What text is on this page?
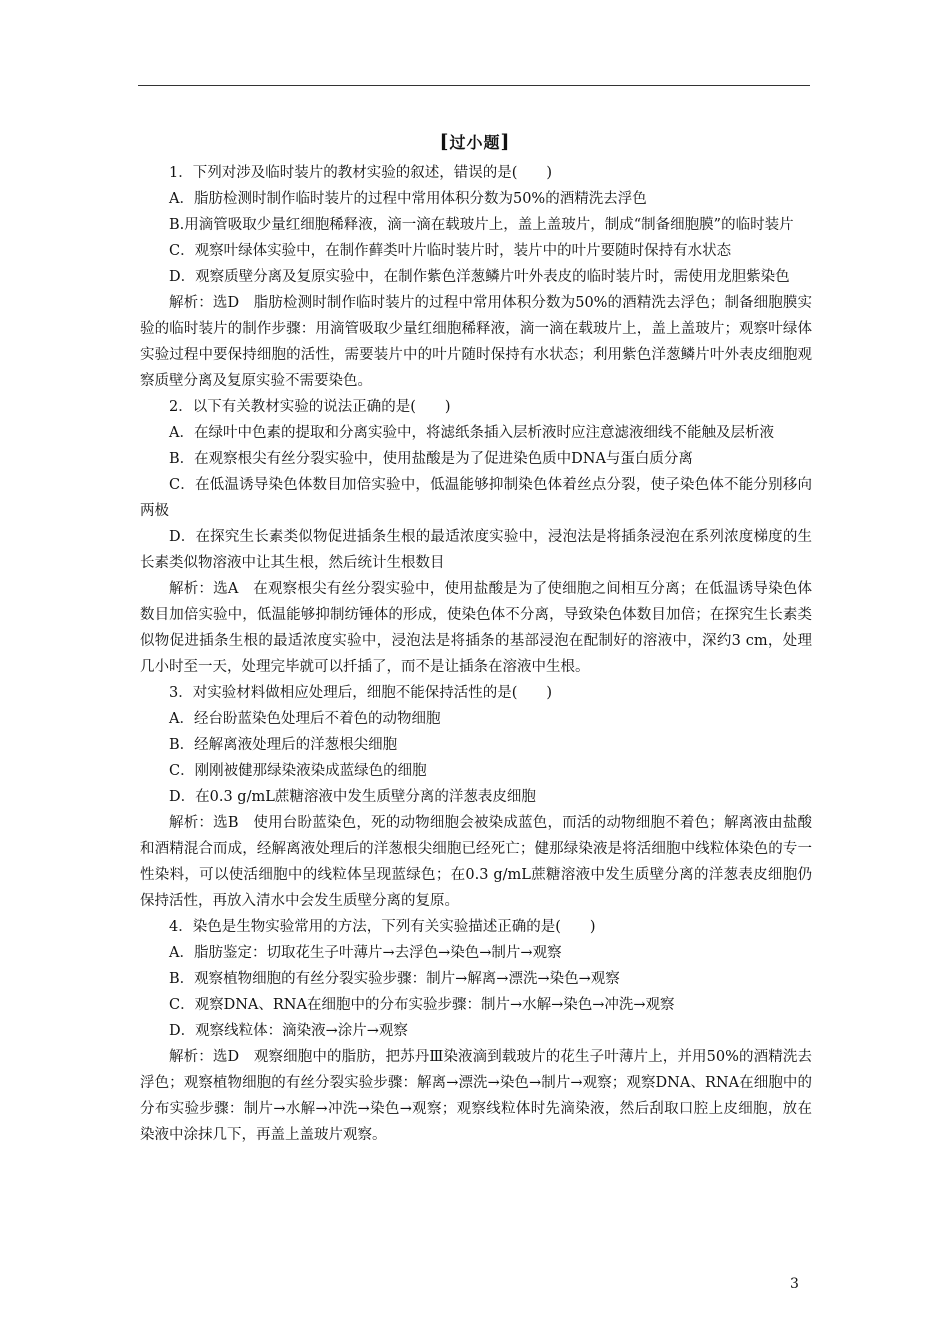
[过小题]

1．下列对涉及临时装片的教材实验的叙述，错误的是(　　)

A．脂肪检测时制作临时装片的过程中常用体积分数为50%的酒精洗去浮色

B.用滴管吸取少量红细胞稀释液，滴一滴在载玻片上，盖上盖玻片，制成“制备细胞膜”的临时装片

C．观察叶绿体实验中，在制作藓类叶片临时装片时，装片中的叶片要随时保持有水状态

D．观察质壁分离及复原实验中，在制作紫色洋葱鳞片叶外表皮的临时装片时，需使用龙胆紫染色

解析：选D　脂肪检测时制作临时装片的过程中常用体积分数为50%的酒精洗去浮色；制备细胞膜实验的临时装片的制作步骤：用滴管吸取少量红细胞稀释液，滴一滴在载玻片上，盖上盖玻片；观察叶绿体实验过程中要保持细胞的活性，需要装片中的叶片随时保持有水状态；利用紫色洋葱鳞片叶外表皮细胞观察质壁分离及复原实验不需要染色。

2．以下有关教材实验的说法正确的是(　　)

A．在绿叶中色素的提取和分离实验中，将滤纸条插入层析液时应注意滤液细线不能触及层析液

B．在观察根尖有丝分裂实验中，使用盐酸是为了促进染色质中DNA与蛋白质分离

C．在低温诱导染色体数目加倍实验中，低温能够抑制染色体着丝点分裂，使子染色体不能分别移向两极

D．在探究生长素类似物促进插条生根的最适浓度实验中，浸泡法是将插条浸泡在系列浓度梯度的生长素类似物溶液中让其生根，然后统计生根数目

解析：选A　在观察根尖有丝分裂实验中，使用盐酸是为了使细胞之间相互分离；在低温诱导染色体数目加倍实验中，低温能够抑制纺锤体的形成，使染色体不分离，导致染色体数目加倍；在探究生长素类似物促进插条生根的最适浓度实验中，浸泡法是将插条的基部浸泡在配制好的溶液中，深约3 cm，处理几小时至一天，处理完毕就可以扦插了，而不是让插条在溶液中生根。

3．对实验材料做相应处理后，细胞不能保持活性的是(　　)

A．经台盼蓝染色处理后不着色的动物细胞

B．经解离液处理后的洋葱根尖细胞

C．刚刚被健那绿染液染成蓝绿色的细胞

D．在0.3 g/mL蔗糖溶液中发生质壁分离的洋葱表皮细胞

解析：选B　使用台盼蓝染色，死的动物细胞会被染成蓝色，而活的动物细胞不着色；解离液由盐酸和酒精混合而成，经解离液处理后的洋葱根尖细胞已经死亡；健那绿染液是将活细胞中线粒体染色的专一性染料，可以使活细胞中的线粒体呈现蓝绿色；在0.3 g/mL蔗糖溶液中发生质壁分离的洋葱表皮细胞仍保持活性，再放入清水中会发生质壁分离的复原。

4．染色是生物实验常用的方法，下列有关实验描述正确的是(　　)

A．脂肪鉴定：切取花生子叶薄片→去浮色→染色→制片→观察

B．观察植物细胞的有丝分裂实验步骤：制片→解离→漂洗→染色→观察

C．观察DNA、RNA在细胞中的分布实验步骤：制片→水解→染色→冲洗→观察

D．观察线粒体：滴染液→涂片→观察

解析：选D　观察细胞中的脂肪，把苏丹Ⅲ染液滴到载玻片的花生子叶薄片上，并用50%的酒精洗去浮色；观察植物细胞的有丝分裂实验步骤：解离→漂洗→染色→制片→观察；观察DNA、RNA在细胞中的分布实验步骤：制片→水解→冲洗→染色→观察；观察线粒体时先滴染液，然后刮取口腔上皮细胞，放在染液中涂抹几下，再盖上盖玻片观察。

3
